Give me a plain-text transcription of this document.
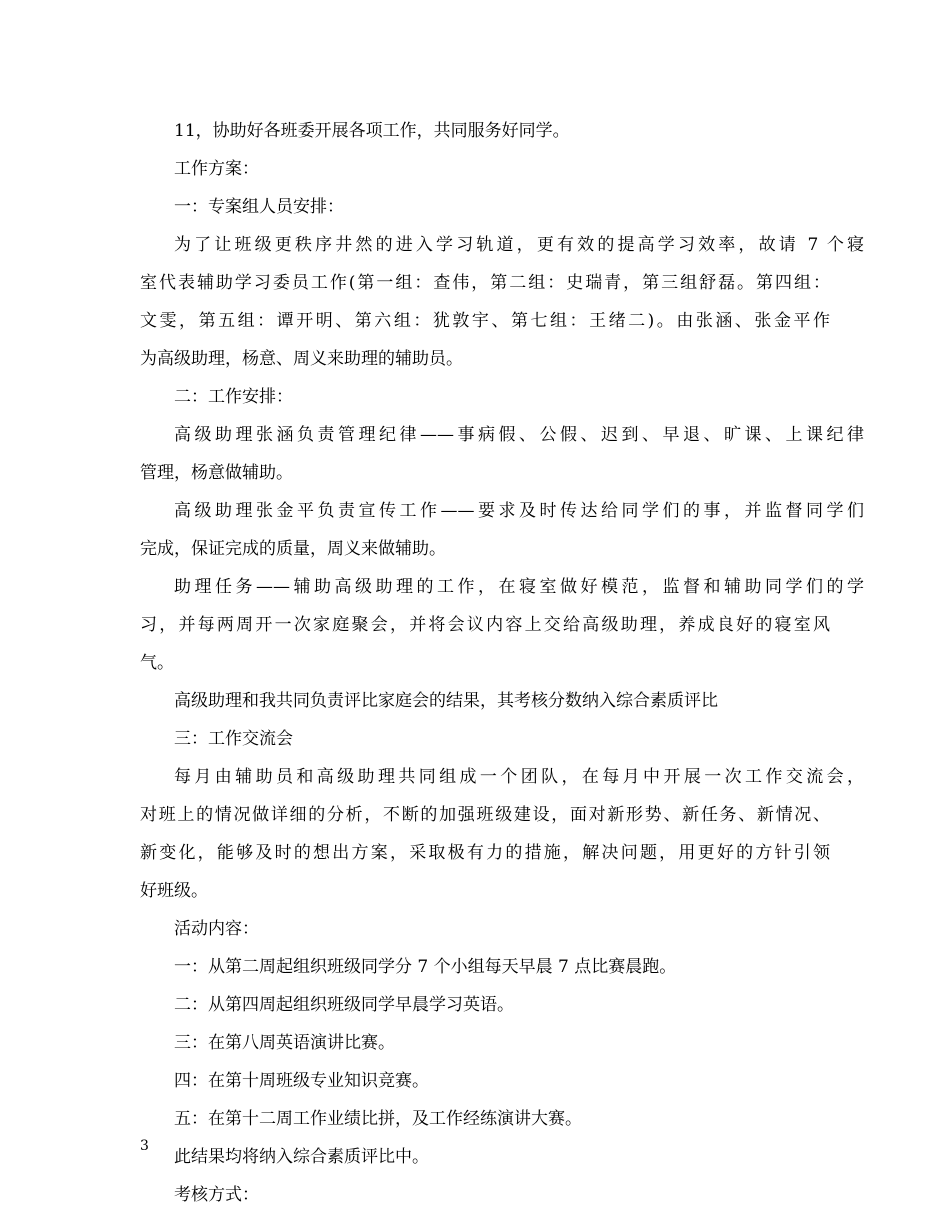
11，协助好各班委开展各项工作，共同服务好同学。

工作方案：

一：专案组人员安排：

为了让班级更秩序井然的进入学习轨道，更有效的提高学习效率，故请 7 个寝

室代表辅助学习委员工作(第一组：查伟，第二组：史瑞青，第三组舒磊。第四组：

文雯，第五组：谭开明、第六组：犹敦宇、第七组：王绪二)。由张涵、张金平作

为高级助理，杨意、周义来助理的辅助员。

二：工作安排：

高级助理张涵负责管理纪律——事病假、公假、迟到、早退、旷课、上课纪律

管理，杨意做辅助。

高级助理张金平负责宣传工作——要求及时传达给同学们的事，并监督同学们

完成，保证完成的质量，周义来做辅助。

助理任务——辅助高级助理的工作，在寝室做好模范，监督和辅助同学们的学

习，并每两周开一次家庭聚会，并将会议内容上交给高级助理，养成良好的寝室风

气。

高级助理和我共同负责评比家庭会的结果，其考核分数纳入综合素质评比

三：工作交流会

每月由辅助员和高级助理共同组成一个团队，在每月中开展一次工作交流会，

对班上的情况做详细的分析，不断的加强班级建设，面对新形势、新任务、新情况、

新变化，能够及时的想出方案，采取极有力的措施，解决问题，用更好的方针引领

好班级。

活动内容：

一：从第二周起组织班级同学分 7 个小组每天早晨 7 点比赛晨跑。

二：从第四周起组织班级同学早晨学习英语。

三：在第八周英语演讲比赛。

四：在第十周班级专业知识竞赛。

五：在第十二周工作业绩比拼，及工作经练演讲大赛。

此结果均将纳入综合素质评比中。

考核方式：

3
